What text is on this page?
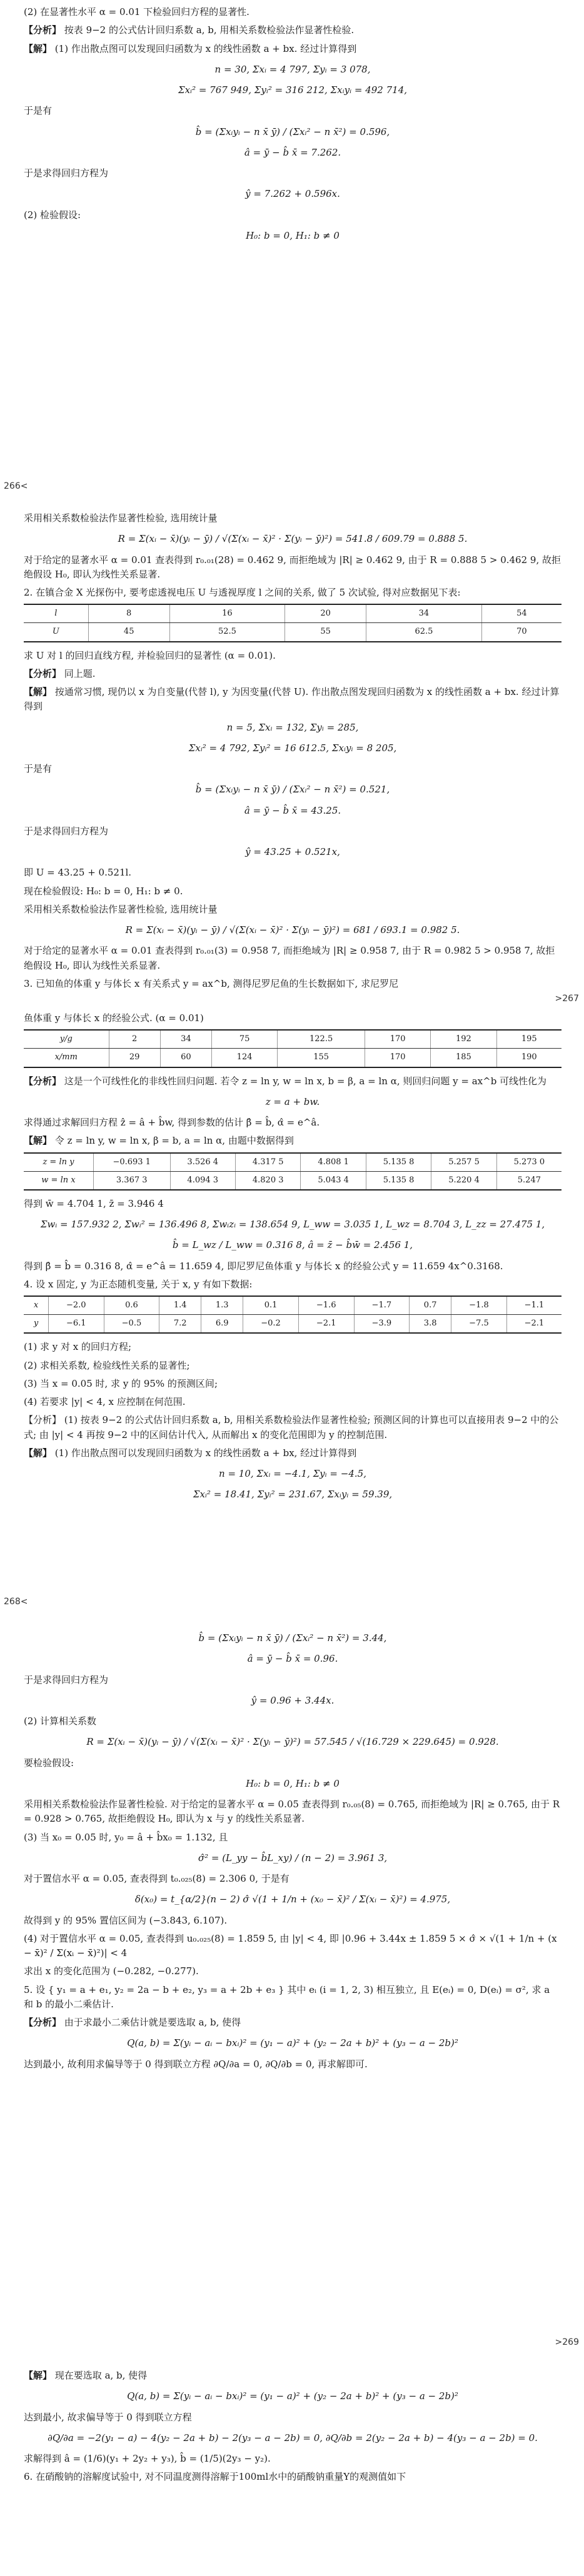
(2) 在显著性水平 α = 0.01 下检验回归方程的显著性.

【分析】 按表 9−2 的公式估计回归系数 a, b, 用相关系数检验法作显著性检验.

【解】 (1) 作出散点图可以发现回归函数为 x 的线性函数 a + bx. 经过计算得到

n = 30, Σxᵢ = 4 797, Σyᵢ = 3 078,

Σxᵢ² = 767 949, Σyᵢ² = 316 212, Σxᵢyᵢ = 492 714,

于是有

b̂ = (Σxᵢyᵢ − n x̄ ȳ) / (Σxᵢ² − n x̄²) = 0.596,

â = ȳ − b̂ x̄ = 7.262.

于是求得回归方程为

ŷ = 7.262 + 0.596x.

(2) 检验假设:

H₀: b = 0, H₁: b ≠ 0

266<

采用相关系数检验法作显著性检验, 选用统计量

R = Σ(xᵢ − x̄)(yᵢ − ȳ) / √(Σ(xᵢ − x̄)² · Σ(yᵢ − ȳ)²) = 541.8 / 609.79 = 0.888 5.

对于给定的显著水平 α = 0.01 查表得到 r₀.₀₁(28) = 0.462 9, 而拒绝域为 |R| ≥ 0.462 9, 由于 R = 0.888 5 > 0.462 9, 故拒绝假设 H₀, 即认为线性关系显著.

2. 在镇合金 X 光探伤中, 要考虑透视电压 U 与透视厚度 l 之间的关系, 做了 5 次试验, 得对应数据见下表:

l	8	16	20	34	54
U	45	52.5	55	62.5	70

求 U 对 l 的回归直线方程, 并检验回归的显著性 (α = 0.01).

【分析】 同上题.

【解】 按通常习惯, 现仍以 x 为自变量(代替 l), y 为因变量(代替 U). 作出散点图发现回归函数为 x 的线性函数 a + bx. 经过计算得到

n = 5, Σxᵢ = 132, Σyᵢ = 285,

Σxᵢ² = 4 792, Σyᵢ² = 16 612.5, Σxᵢyᵢ = 8 205,

于是有

b̂ = (Σxᵢyᵢ − n x̄ ȳ) / (Σxᵢ² − n x̄²) = 0.521,

â = ȳ − b̂ x̄ = 43.25.

于是求得回归方程为

ŷ = 43.25 + 0.521x,

即 U = 43.25 + 0.521l.

现在检验假设: H₀: b = 0, H₁: b ≠ 0.

采用相关系数检验法作显著性检验, 选用统计量

R = Σ(xᵢ − x̄)(yᵢ − ȳ) / √(Σ(xᵢ − x̄)² · Σ(yᵢ − ȳ)²) = 681 / 693.1 = 0.982 5.

对于给定的显著水平 α = 0.01 查表得到 r₀.₀₁(3) = 0.958 7, 而拒绝域为 |R| ≥ 0.958 7, 由于 R = 0.982 5 > 0.958 7, 故拒绝假设 H₀, 即认为线性关系显著.

3. 已知鱼的体重 y 与体长 x 有关系式 y = ax^b, 测得尼罗尼鱼的生长数据如下, 求尼罗尼

>267

鱼体重 y 与体长 x 的经验公式. (α = 0.01)

y/g	2	34	75	122.5	170	192	195
x/mm	29	60	124	155	170	185	190

【分析】 这是一个可线性化的非线性回归问题. 若令 z = ln y, w = ln x, b = β, a = ln α, 则回归问题 y = ax^b 可线性化为

z = a + bw.

求得通过求解回归方程 ẑ = â + b̂w, 得到参数的估计 β̂ = b̂, α̂ = e^â.

【解】 令 z = ln y, w = ln x, β = b, a = ln α, 由题中数据得到

z = ln y	−0.693 1	3.526 4	4.317 5	4.808 1	5.135 8	5.257 5	5.273 0
w = ln x	3.367 3	4.094 3	4.820 3	5.043 4	5.135 8	5.220 4	5.247

得到 w̄ = 4.704 1, z̄ = 3.946 4

Σwᵢ = 157.932 2, Σwᵢ² = 136.496 8, Σwᵢzᵢ = 138.654 9, L_ww = 3.035 1, L_wz = 8.704 3, L_zz = 27.475 1,

b̂ = L_wz / L_ww = 0.316 8, â = z̄ − b̂w̄ = 2.456 1,

得到 β̂ = b̂ = 0.316 8, α̂ = e^â = 11.659 4, 即尼罗尼鱼体重 y 与体长 x 的经验公式 y = 11.659 4x^0.3168.

4. 设 x 固定, y 为正态随机变量, 关于 x, y 有如下数据:

x	−2.0	0.6	1.4	1.3	0.1	−1.6	−1.7	0.7	−1.8	−1.1
y	−6.1	−0.5	7.2	6.9	−0.2	−2.1	−3.9	3.8	−7.5	−2.1

(1) 求 y 对 x 的回归方程;

(2) 求相关系数, 检验线性关系的显著性;

(3) 当 x = 0.05 时, 求 y 的 95% 的预测区间;

(4) 若要求 |y| < 4, x 应控制在何范围.

【分析】 (1) 按表 9−2 的公式估计回归系数 a, b, 用相关系数检验法作显著性检验; 预测区间的计算也可以直接用表 9−2 中的公式; 由 |y| < 4 再按 9−2 中的区间估计代入, 从而解出 x 的变化范围即为 y 的控制范围.

【解】 (1) 作出散点图可以发现回归函数为 x 的线性函数 a + bx, 经过计算得到

n = 10, Σxᵢ = −4.1, Σyᵢ = −4.5,

Σxᵢ² = 18.41, Σyᵢ² = 231.67, Σxᵢyᵢ = 59.39,

268<

b̂ = (Σxᵢyᵢ − n x̄ ȳ) / (Σxᵢ² − n x̄²) = 3.44,

â = ȳ − b̂ x̄ = 0.96.

于是求得回归方程为

ŷ = 0.96 + 3.44x.

(2) 计算相关系数

R = Σ(xᵢ − x̄)(yᵢ − ȳ) / √(Σ(xᵢ − x̄)² · Σ(yᵢ − ȳ)²) = 57.545 / √(16.729 × 229.645) = 0.928.

要检验假设:

H₀: b = 0, H₁: b ≠ 0

采用相关系数检验法作显著性检验. 对于给定的显著水平 α = 0.05 查表得到 r₀.₀₅(8) = 0.765, 而拒绝域为 |R| ≥ 0.765, 由于 R = 0.928 > 0.765, 故拒绝假设 H₀, 即认为 x 与 y 的线性关系显著.

(3) 当 x₀ = 0.05 时, y₀ = â + b̂x₀ = 1.132, 且

σ̂² = (L_yy − b̂L_xy) / (n − 2) = 3.961 3,

对于置信水平 α = 0.05, 查表得到 t₀.₀₂₅(8) = 2.306 0, 于是有

δ(x₀) = t_{α/2}(n − 2) σ̂ √(1 + 1/n + (x₀ − x̄)² / Σ(xᵢ − x̄)²) = 4.975,

故得到 y 的 95% 置信区间为 (−3.843, 6.107).

(4) 对于置信水平 α = 0.05, 查表得到 u₀.₀₂₅(8) = 1.859 5, 由 |y| < 4, 即 |0.96 + 3.44x ± 1.859 5 × σ̂ × √(1 + 1/n + (x − x̄)² / Σ(xᵢ − x̄)²)| < 4

求出 x 的变化范围为 (−0.282, −0.277).

5. 设 { y₁ = a + e₁, y₂ = 2a − b + e₂, y₃ = a + 2b + e₃ } 其中 eᵢ (i = 1, 2, 3) 相互独立, 且 E(eᵢ) = 0, D(eᵢ) = σ², 求 a 和 b 的最小二乘估计.

【分析】 由于求最小二乘估计就是要选取 a, b, 使得

Q(a, b) = Σ(yᵢ − aᵢ − bxᵢ)² = (y₁ − a)² + (y₂ − 2a + b)² + (y₃ − a − 2b)²

达到最小, 故利用求偏导等于 0 得到联立方程 ∂Q/∂a = 0, ∂Q/∂b = 0, 再求解即可.

>269

【解】 现在要选取 a, b, 使得

Q(a, b) = Σ(yᵢ − aᵢ − bxᵢ)² = (y₁ − a)² + (y₂ − 2a + b)² + (y₃ − a − 2b)²

达到最小, 故求偏导等于 0 得到联立方程

∂Q/∂a = −2(y₁ − a) − 4(y₂ − 2a + b) − 2(y₃ − a − 2b) = 0, ∂Q/∂b = 2(y₂ − 2a + b) − 4(y₃ − a − 2b) = 0.

求解得到 â = (1/6)(y₁ + 2y₂ + y₃), b̂ = (1/5)(2y₃ − y₂).

6. 在硝酸钠的溶解度试验中, 对不同温度测得溶解于100ml水中的硝酸钠重量Y的观测值如下
